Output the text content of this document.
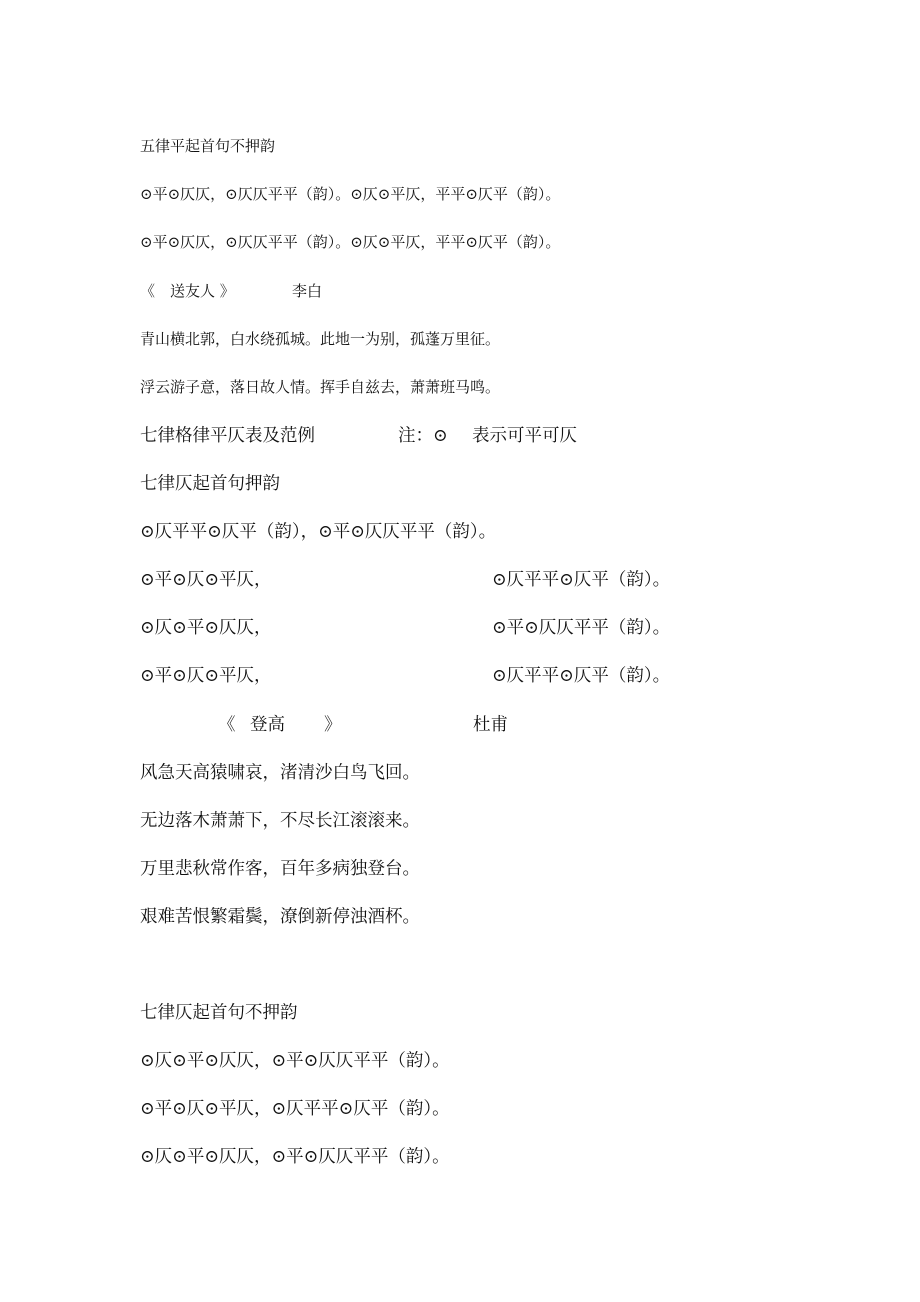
五律平起首句不押韵
⊙平⊙仄仄，⊙仄仄平平（韵）。⊙仄⊙平仄，平平⊙仄平（韵）。
⊙平⊙仄仄，⊙仄仄平平（韵）。⊙仄⊙平仄，平平⊙仄平（韵）。
《　送友人 》	李白
青山横北郭，白水绕孤城。此地一为别，孤蓬万里征。
浮云游子意，落日故人情。挥手自兹去，萧萧班马鸣。
七律格律平仄表及范例	注：⊙ 表示可平可仄
七律仄起首句押韵
⊙仄平平⊙仄平（韵），⊙平⊙仄仄平平（韵）。
⊙平⊙仄⊙平仄，	⊙仄平平⊙仄平（韵）。
⊙仄⊙平⊙仄仄，	⊙平⊙仄仄平平（韵）。
⊙平⊙仄⊙平仄，	⊙仄平平⊙仄平（韵）。
《 登高 》	杜甫
风急天高猿啸哀，渚清沙白鸟飞回。
无边落木萧萧下，不尽长江滚滚来。
万里悲秋常作客，百年多病独登台。
艰难苦恨繁霜鬓，潦倒新停浊酒杯。
七律仄起首句不押韵
⊙仄⊙平⊙仄仄，⊙平⊙仄仄平平（韵）。
⊙平⊙仄⊙平仄，⊙仄平平⊙仄平（韵）。
⊙仄⊙平⊙仄仄，⊙平⊙仄仄平平（韵）。
